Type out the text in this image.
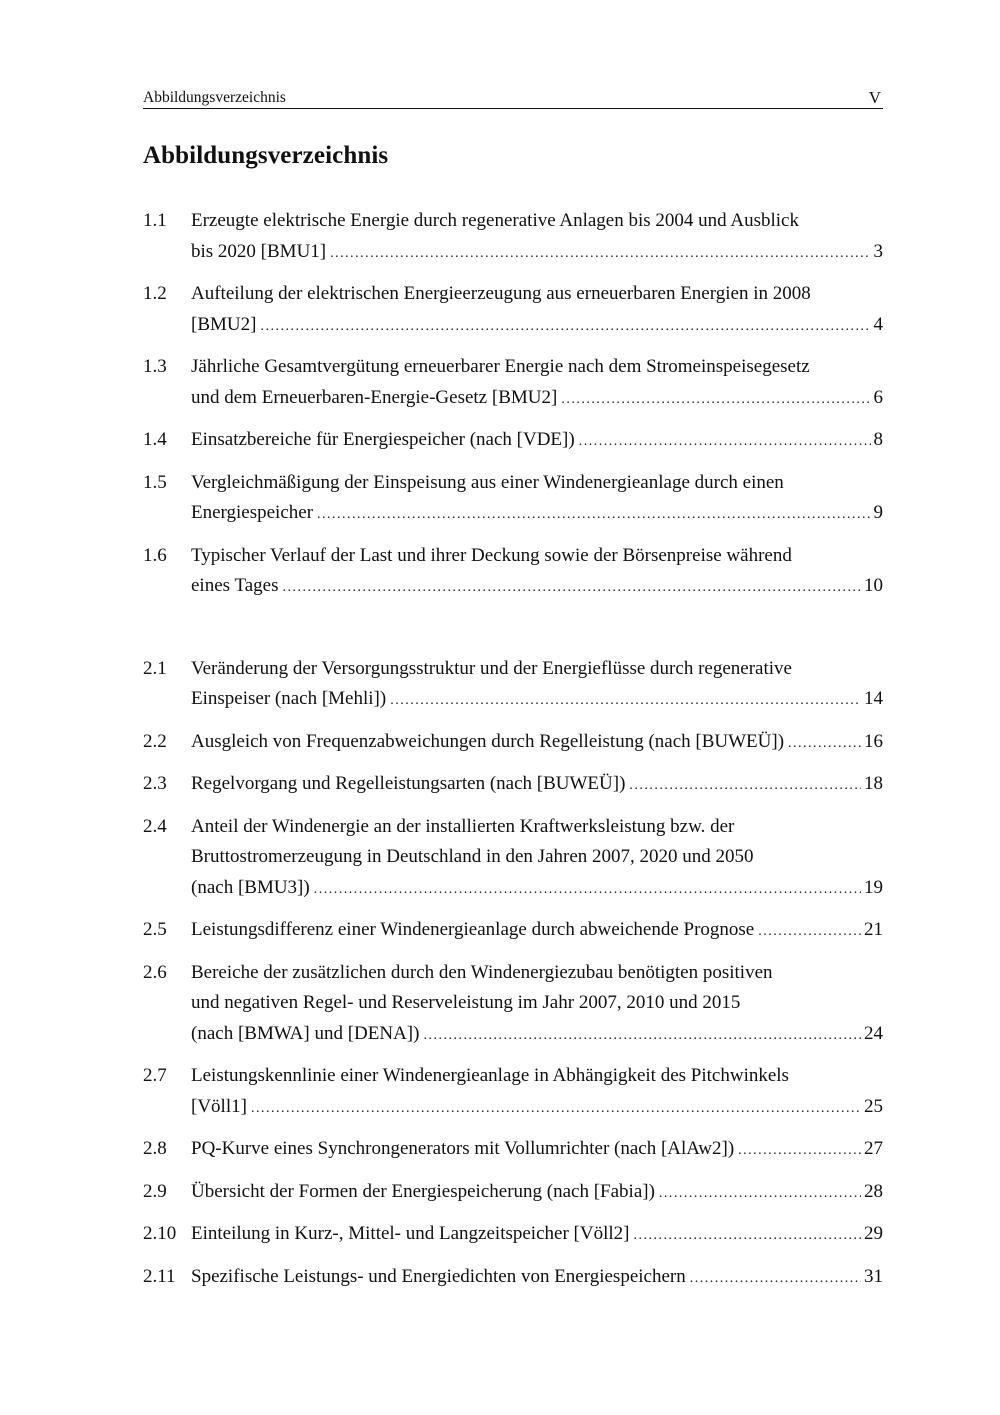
Abbildungsverzeichnis	V
Abbildungsverzeichnis
1.1 Erzeugte elektrische Energie durch regenerative Anlagen bis 2004 und Ausblick
bis 2020 [BMU1] .....	3
1.2 Aufteilung der elektrischen Energieerzeugung aus erneuerbaren Energien in 2008
[BMU2] .....	4
1.3 Jährliche Gesamtvergütung erneuerbarer Energie nach dem Stromeinspeisegesetz
und dem Erneuerbaren-Energie-Gesetz [BMU2] .....	6
1.4 Einsatzbereiche für Energiespeicher (nach [VDE]) .....	8
1.5 Vergleichmäßigung der Einspeisung aus einer Windenergieanlage durch einen
Energiespeicher .....	9
1.6 Typischer Verlauf der Last und ihrer Deckung sowie der Börsenpreise während
eines Tages .....	10
2.1 Veränderung der Versorgungsstruktur und der Energieflüsse durch regenerative
Einspeiser (nach [Mehli]) .....	14
2.2 Ausgleich von Frequenzabweichungen durch Regelleistung (nach [BUWEÜ]) .....	16
2.3 Regelvorgang und Regelleistungsarten (nach [BUWEÜ]) .....	18
2.4 Anteil der Windenergie an der installierten Kraftwerksleistung bzw. der
Bruttostromerzeugung in Deutschland in den Jahren 2007, 2020 und 2050
(nach [BMU3]) .....	19
2.5 Leistungsdifferenz einer Windenergieanlage durch abweichende Prognose .....	21
2.6 Bereiche der zusätzlichen durch den Windenergiezubau benötigten positiven
und negativen Regel- und Reserveleistung im Jahr 2007, 2010 und 2015
(nach [BMWA] und [DENA]) .....	24
2.7 Leistungskennlinie einer Windenergieanlage in Abhängigkeit des Pitchwinkels
[Völl1] .....	25
2.8 PQ-Kurve eines Synchrongenerators mit Vollumrichter (nach [AlAw2]) .....	27
2.9 Übersicht der Formen der Energiespeicherung (nach [Fabia]) .....	28
2.10 Einteilung in Kurz-, Mittel- und Langzeitspeicher [Völl2] .....	29
2.11 Spezifische Leistungs- und Energiedichten von Energiespeichern .....	31
